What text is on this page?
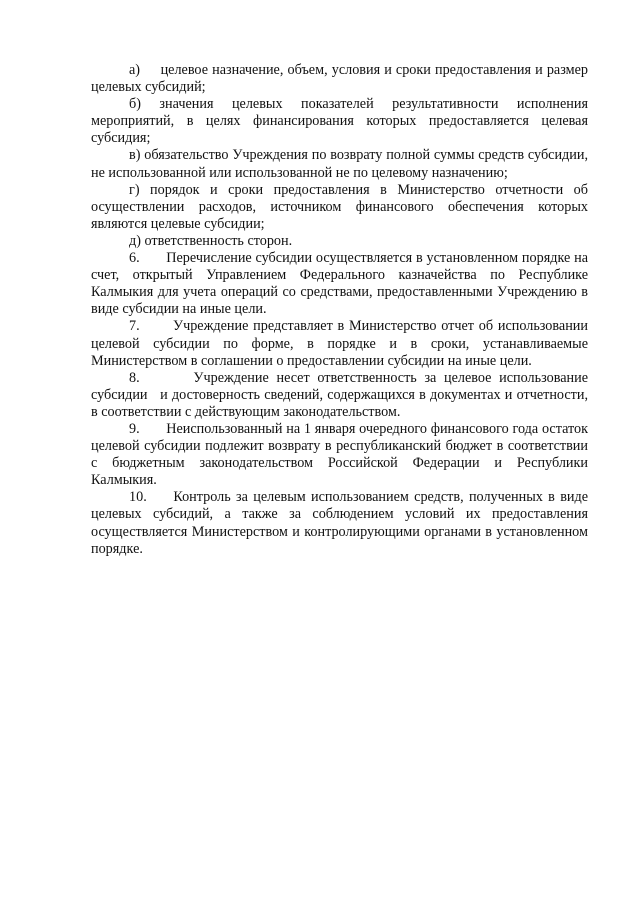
а)     целевое назначение, объем, условия и сроки предоставления и размер целевых субсидий;

б) значения целевых показателей результативности исполнения мероприятий, в целях финансирования которых предоставляется целевая субсидия;

в) обязательство Учреждения по возврату полной суммы средств субсидии, не использованной или использованной не по целевому назначению;

г) порядок и сроки предоставления в Министерство отчетности об осуществлении расходов, источником финансового обеспечения которых являются целевые субсидии;

д) ответственность сторон.

6.       Перечисление субсидии осуществляется в установленном порядке на счет, открытый Управлением Федерального казначейства по Республике Калмыкия для учета операций со средствами, предоставленными Учреждению в виде субсидии на иные цели.

7.       Учреждение представляет в Министерство отчет об использовании целевой субсидии по форме, в порядке и в сроки, устанавливаемые Министерством в соглашении о предоставлении субсидии на иные цели.

8.       Учреждение несет ответственность за целевое использование субсидии   и достоверность сведений, содержащихся в документах и отчетности, в соответствии с действующим законодательством.

9.       Неиспользованный на 1 января очередного финансового года остаток целевой субсидии подлежит возврату в республиканский бюджет в соответствии с бюджетным законодательством Российской Федерации и Республики Калмыкия.

10.     Контроль за целевым использованием средств, полученных в виде целевых субсидий, а также за соблюдением условий их предоставления осуществляется Министерством и контролирующими органами в установленном порядке.
